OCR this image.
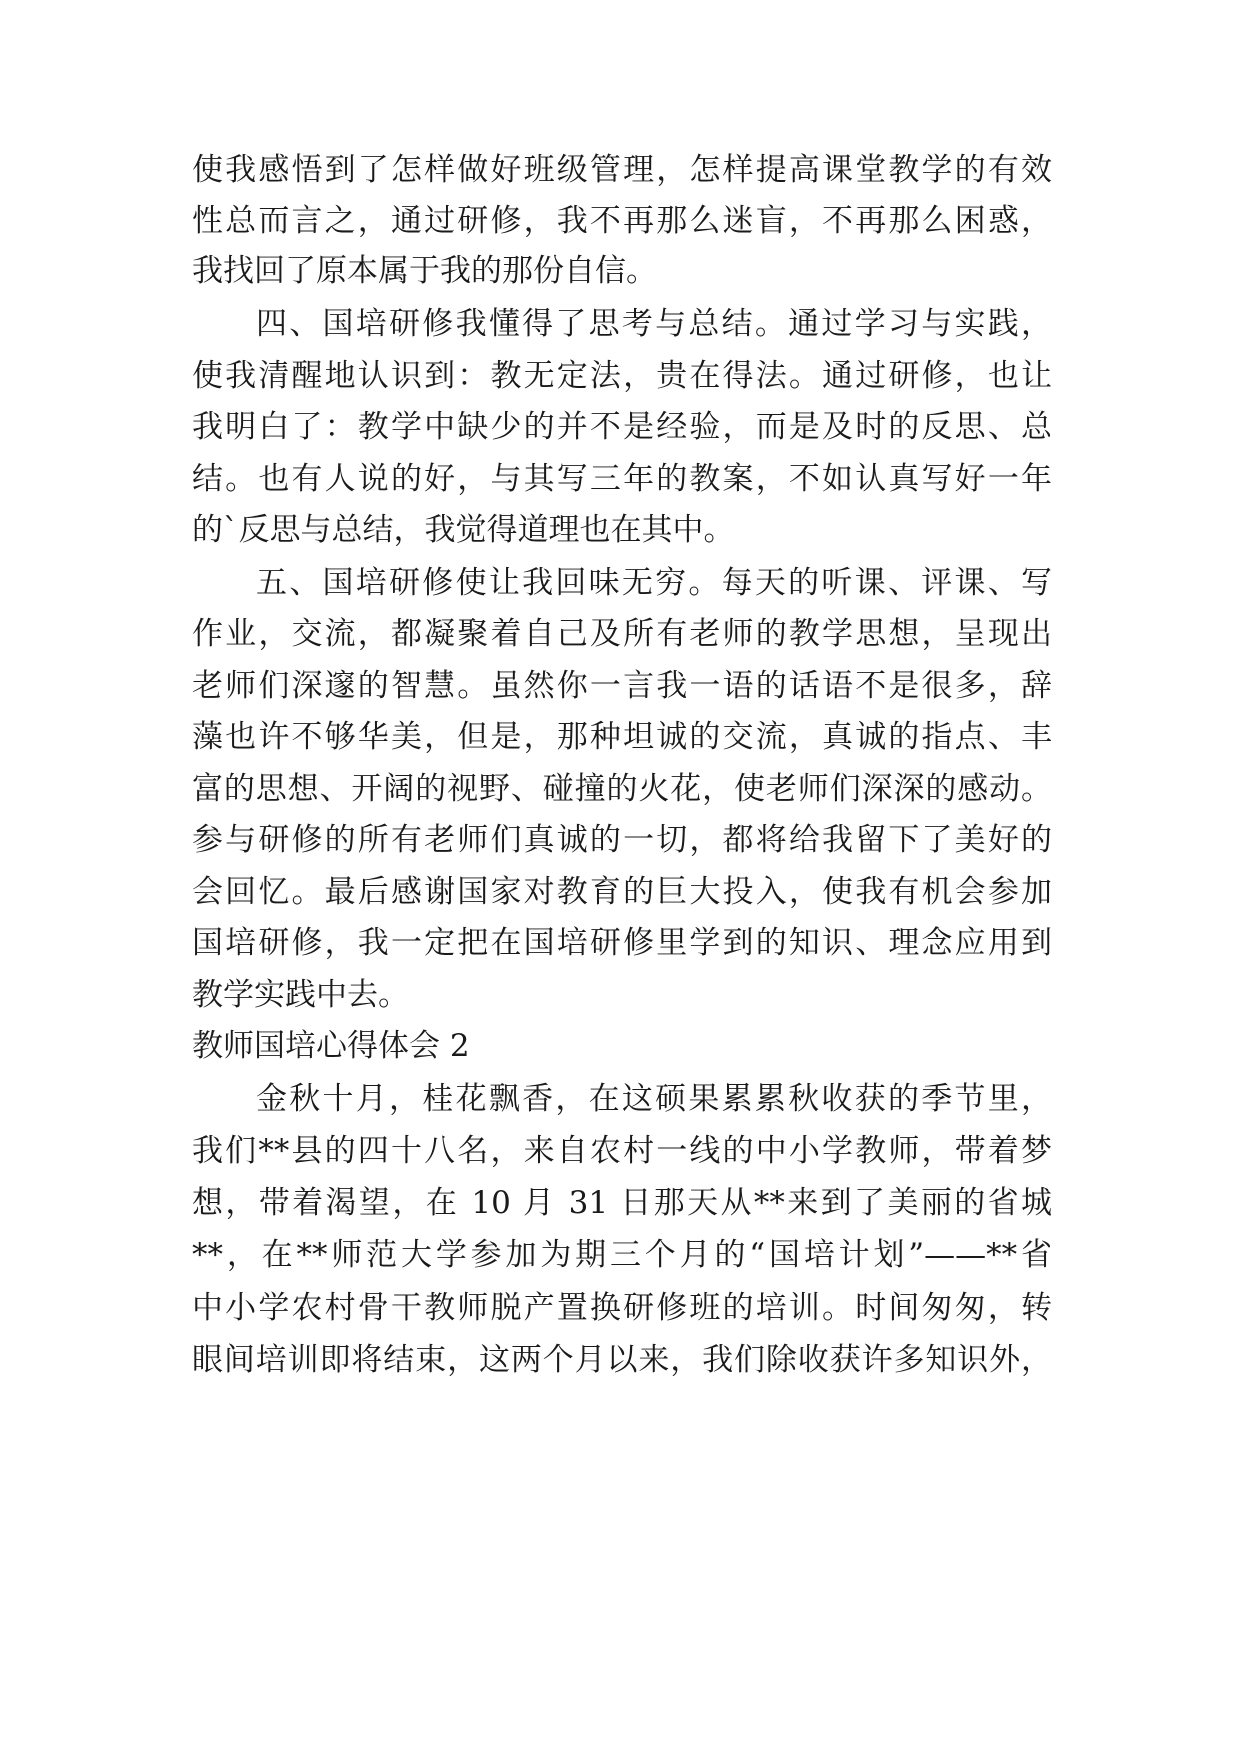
使我感悟到了怎样做好班级管理，怎样提高课堂教学的有效
性总而言之，通过研修，我不再那么迷盲，不再那么困惑，
我找回了原本属于我的那份自信。
四、国培研修我懂得了思考与总结。通过学习与实践，
使我清醒地认识到：教无定法，贵在得法。通过研修，也让
我明白了：教学中缺少的并不是经验，而是及时的反思、总
结。也有人说的好，与其写三年的教案，不如认真写好一年
的`反思与总结，我觉得道理也在其中。
五、国培研修使让我回味无穷。每天的听课、评课、写
作业，交流，都凝聚着自己及所有老师的教学思想，呈现出
老师们深邃的智慧。虽然你一言我一语的话语不是很多，辞
藻也许不够华美，但是，那种坦诚的交流，真诚的指点、丰
富的思想、开阔的视野、碰撞的火花，使老师们深深的感动。
参与研修的所有老师们真诚的一切，都将给我留下了美好的
会回忆。最后感谢国家对教育的巨大投入，使我有机会参加
国培研修，我一定把在国培研修里学到的知识、理念应用到
教学实践中去。
教师国培心得体会 2
金秋十月，桂花飘香，在这硕果累累秋收获的季节里，
我们**县的四十八名，来自农村一线的中小学教师，带着梦
想，带着渴望，在 10 月 31 日那天从**来到了美丽的省城
**，在**师范大学参加为期三个月的“国培计划”——**省
中小学农村骨干教师脱产置换研修班的培训。时间匆匆，转
眼间培训即将结束，这两个月以来，我们除收获许多知识外，
